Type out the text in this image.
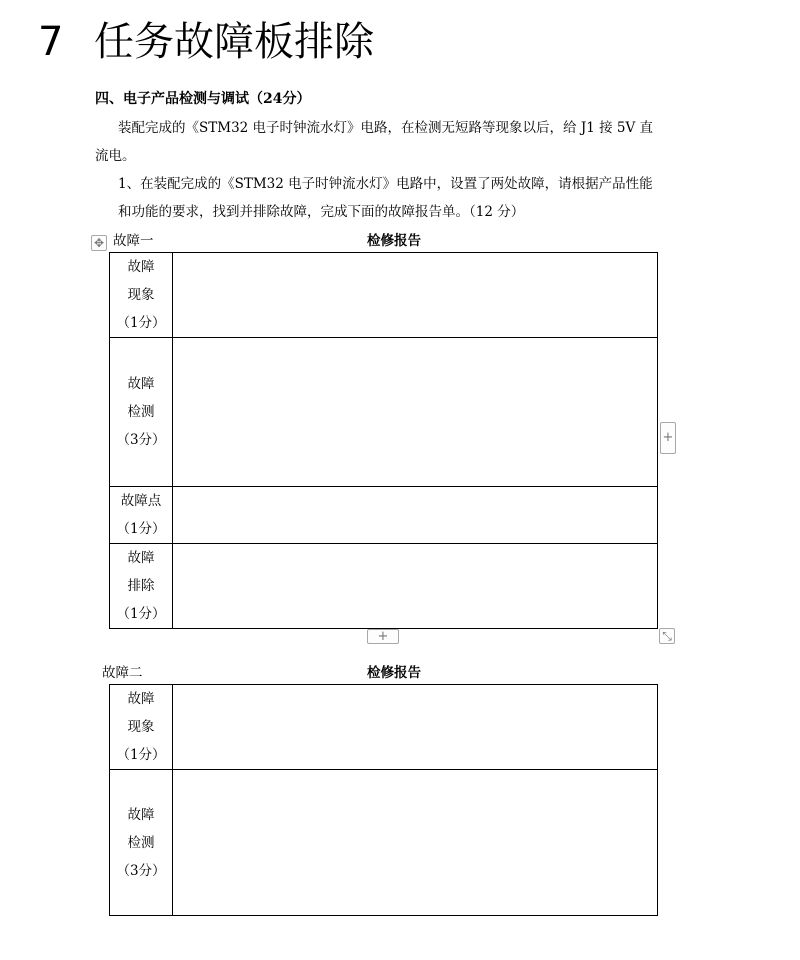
7 任务故障板排除
四、电子产品检测与调试（24分）
装配完成的《STM32 电子时钟流水灯》电路，在检测无短路等现象以后，给 J1 接 5V 直
流电。
1、在装配完成的《STM32 电子时钟流水灯》电路中，设置了两处故障，请根据产品性能
和功能的要求，找到并排除故障，完成下面的故障报告单。（12 分）
✥ 故障一	检修报告
故障
现象
（1分）	

故障
检测
（3分）	

故障点
（1分）	

故障
排除
（1分）	

+
+	⤡
故障二	检修报告
故障
现象
（1分）	

故障
检测
（3分）	
